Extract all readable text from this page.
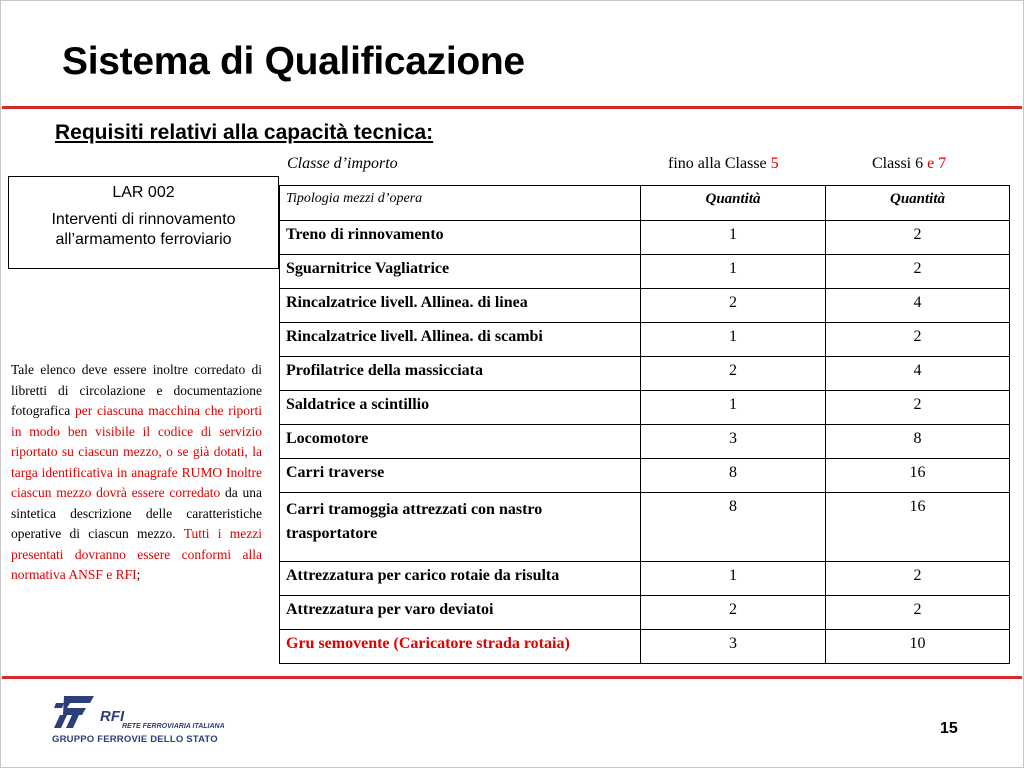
Sistema di Qualificazione
Requisiti relativi alla capacità tecnica:
Classe d’importo	fino alla Classe 5	Classi 6 e 7
LAR 002
Interventi di rinnovamento all’armamento ferroviario
Tale elenco deve essere inoltre corredato di libretti di circolazione e documentazione fotografica per ciascuna macchina che riporti in modo ben visibile il codice di servizio riportato su ciascun mezzo, o se già dotati, la targa identificativa in anagrafe RUMO Inoltre ciascun mezzo dovrà essere corredato da una sintetica descrizione delle caratteristiche operative di ciascun mezzo. Tutti i mezzi presentati dovranno essere conformi alla normativa ANSF e RFI;
Tipologia mezzi d’opera	Quantità	Quantità
Treno di rinnovamento	1	2
Sguarnitrice Vagliatrice	1	2
Rincalzatrice livell. Allinea. di linea	2	4
Rincalzatrice livell. Allinea. di scambi	1	2
Profilatrice della massicciata	2	4
Saldatrice a scintillio	1	2
Locomotore	3	8
Carri traverse	8	16
Carri tramoggia attrezzati con nastro trasportatore	8	16
Attrezzatura per carico rotaie da risulta	1	2
Attrezzatura per varo deviatoi	2	2
Gru semovente (Caricatore strada rotaia)	3	10
RFI
RETE FERROVIARIA ITALIANA
GRUPPO FERROVIE DELLO STATO
15
